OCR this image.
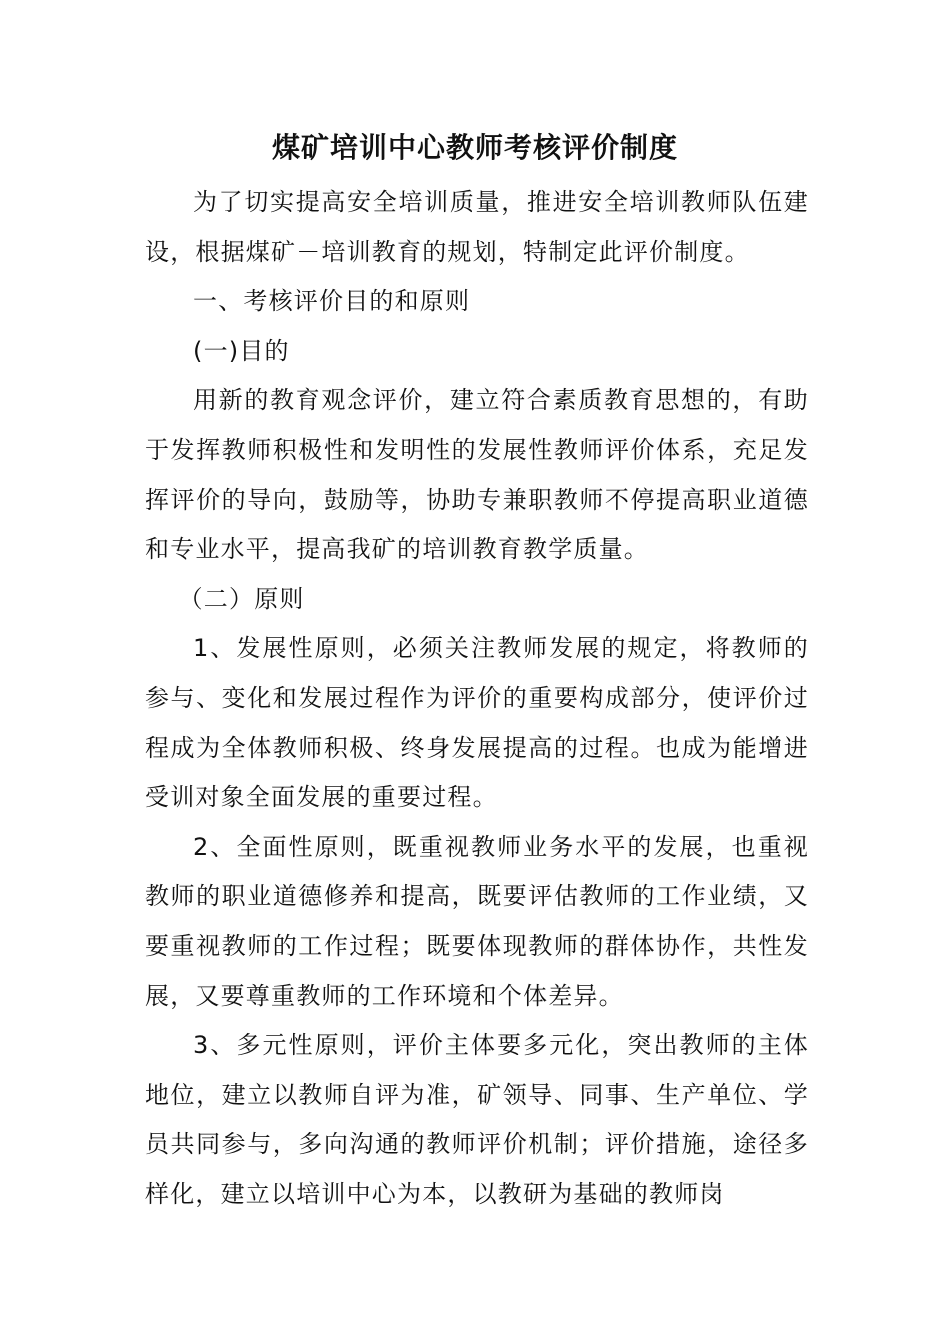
煤矿培训中心教师考核评价制度

为了切实提高安全培训质量，推进安全培训教师队伍建设，根据煤矿－培训教育的规划，特制定此评价制度。

一、考核评价目的和原则

(一)目的

用新的教育观念评价，建立符合素质教育思想的，有助于发挥教师积极性和发明性的发展性教师评价体系，充足发挥评价的导向，鼓励等，协助专兼职教师不停提高职业道德和专业水平，提高我矿的培训教育教学质量。

（二）原则

1、发展性原则，必须关注教师发展的规定，将教师的参与、变化和发展过程作为评价的重要构成部分，使评价过程成为全体教师积极、终身发展提高的过程。也成为能增进受训对象全面发展的重要过程。

2、全面性原则，既重视教师业务水平的发展，也重视教师的职业道德修养和提高，既要评估教师的工作业绩，又要重视教师的工作过程；既要体现教师的群体协作，共性发展，又要尊重教师的工作环境和个体差异。

3、多元性原则，评价主体要多元化，突出教师的主体地位，建立以教师自评为准，矿领导、同事、生产单位、学员共同参与，多向沟通的教师评价机制；评价措施，途径多样化，建立以培训中心为本，以教研为基础的教师岗
